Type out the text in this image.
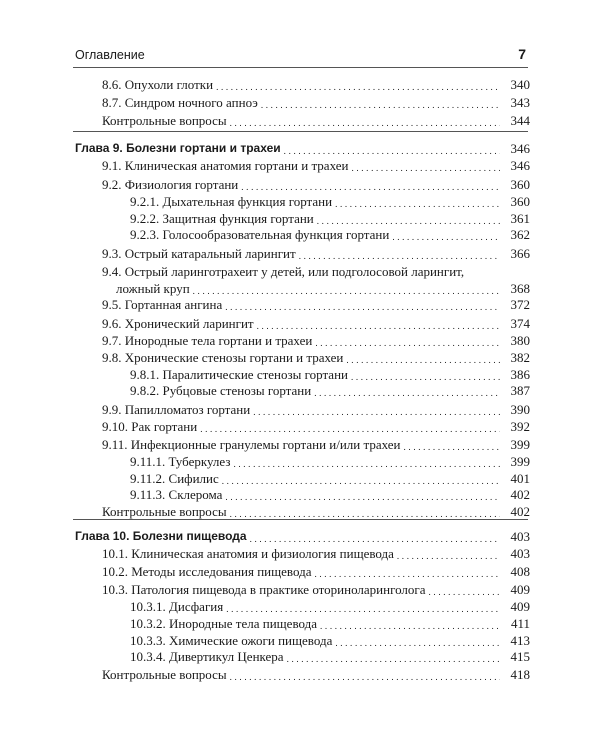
Оглавление	7
8.6. Опухоли глотки . . .	340
8.7. Синдром ночного апноэ . . .	343
Контрольные вопросы . . .	344
Глава 9. Болезни гортани и трахеи . . .	346
9.1. Клиническая анатомия гортани и трахеи . . .	346
9.2. Физиология гортани . . .	360
9.2.1. Дыхательная функция гортани . . .	360
9.2.2. Защитная функция гортани . . .	361
9.2.3. Голосообразовательная функция гортани . . .	362
9.3. Острый катаральный ларингит . . .	366
9.4. Острый ларинготрахеит у детей, или подголосовой ларингит,
ложный круп . . .	368
9.5. Гортанная ангина . . .	372
9.6. Хронический ларингит . . .	374
9.7. Инородные тела гортани и трахеи . . .	380
9.8. Хронические стенозы гортани и трахеи . . .	382
9.8.1. Паралитические стенозы гортани . . .	386
9.8.2. Рубцовые стенозы гортани . . .	387
9.9. Папилломатоз гортани . . .	390
9.10. Рак гортани . . .	392
9.11. Инфекционные гранулемы гортани и/или трахеи . . .	399
9.11.1. Туберкулез . . .	399
9.11.2. Сифилис . . .	401
9.11.3. Склерома . . .	402
Контрольные вопросы . . .	402
Глава 10. Болезни пищевода . . .	403
10.1. Клиническая анатомия и физиология пищевода . . .	403
10.2. Методы исследования пищевода . . .	408
10.3. Патология пищевода в практике оториноларинголога . . .	409
10.3.1. Дисфагия . . .	409
10.3.2. Инородные тела пищевода . . .	411
10.3.3. Химические ожоги пищевода . . .	413
10.3.4. Дивертикул Ценкера . . .	415
Контрольные вопросы . . .	418
